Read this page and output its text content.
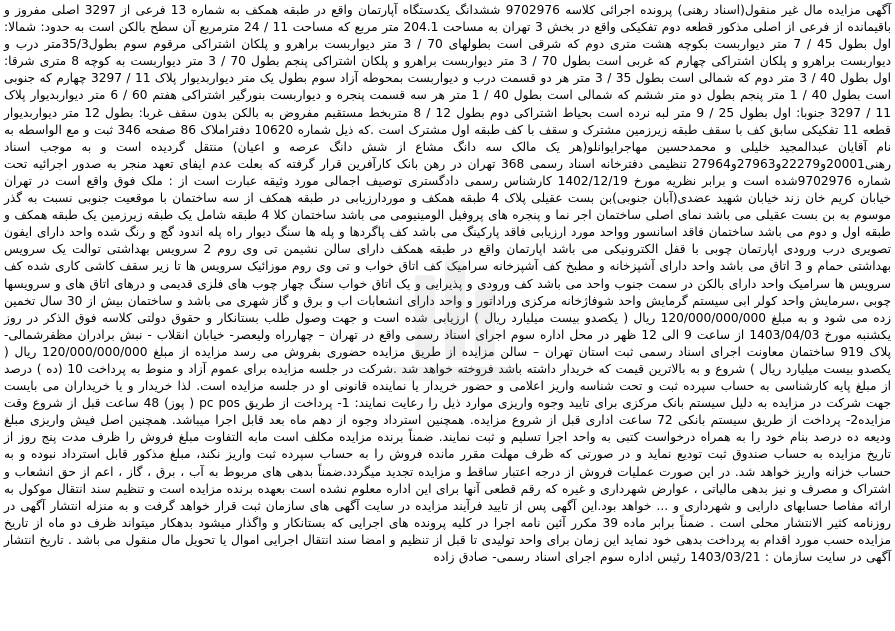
آگهی مزایده مال غیر منقول(اسناد رهنی) پرونده اجرائی کلاسه 9702976 ششدانگ یکدستگاه آپارتمان واقع در طبقه همکف به شماره 13 فرعی از 3297 اصلی مفروز و باقیمانده از فرعی از اصلی مذکور قطعه دوم تفکیکی واقع در بخش 3 تهران به مساحت 204.1 متر مربع که مساحت 11 / 24 مترمربع آن سطح بالکن است به حدود: شمالا: اول بطول 45 / 7 متر دیواربست بکوچه هشت متری دوم که شرقی است بطولهای 70 / 3 متر دیواربست براهرو و پلکان اشتراکی مرقوم سوم بطول35/3متر درب و دیواربست براهرو و پلکان اشتراکی چهارم که غربی است بطول 70 / 3 متر دیواربست براهرو و پلکان اشتراکی پنجم بطول 70 / 3 متر دیواربست به کوچه 8 متری شرقا: اول بطول 40 / 3 متر دوم که شمالی است بطول 35 / 3 متر هر دو قسمت درب و دیواربست بمحوطه آزاد سوم بطول یک متر دیواربدیوار پلاک 11 / 3297 چهارم که جنوبی است بطول 40 / 1 متر پنجم بطول دو متر ششم که شمالی است بطول 40 / 1 متر هر سه قسمت پنجره و دیواربست بنورگیر اشتراکی هفتم 60 / 6 متر دیواربدیوار پلاک 11 / 3297 جنوبا: اول بطول 25 / 9 متر لبه نرده است بحیاط اشتراکی دوم بطول 12 / 8 متربخط مستقیم مفروض به بالکن بدون سقف غربا: بطول 12 متر دیواربدیوار قطعه 11 تفکیکی سابق کف با سقف طبقه زیرزمین مشترک و سقف با کف طبقه اول مشترک است .که ذیل شماره 10620 دفتراملاک 86 صفحه 346 ثبت و مع الواسطه به نام آقایان عبدالمجید خلیلی و محمدحسین مهاجرایوانلو(هر یک مالک سه دانگ مشاع از شش دانگ عرصه و اعیان) منتقل گردیده است و به موجب اسناد رهنی20001و22279و27963و27964 تنظیمی دفترخانه اسناد رسمی 368 تهران در رهن بانک کارآفرین قرار گرفته که بعلت عدم ایفای تعهد منجر به صدور اجرائیه تحت شماره 9702976شده است و برابر نظریه مورخ 1402/12/19 کارشناس رسمی دادگستری توصیف اجمالی مورد وثیقه عبارت است از : ملک فوق واقع است در تهران خیابان کریم خان زند خیابان شهید عضدی(آبان جنوبی)بن بست عقیلی پلاک 4 طبقه همکف و موردارزیابی در طبقه همکف از سه ساختمان با موقعیت جنوبی نسبت به گذر موسوم به بن بست عقیلی می باشد نمای اصلی ساختمان اجر نما و پنجره های پروفیل الومینیومی می باشد ساختمان کلا 4 طبقه شامل یک طبقه زیرزمین یک طبقه همکف و طبقه اول و دوم می باشد ساختمان فاقد اسانسور وواحد مورد ارزیابی فاقد پارکینگ می باشد کف پاگردها و پله ها سنگ دیوار راه پله اندود گچ و رنگ شده واحد دارای ایفون تصویری درب ورودی اپارتمان چوبی با قفل الکترونیکی می باشد اپارتمان واقع در طبقه همکف دارای سالن نشیمن تی وی روم 2 سرویس بهداشتی توالت یک سرویس بهداشتی حمام و 3 اتاق می باشد واحد دارای آشپزخانه و مطبخ کف آشپزخانه سرامیک کف اتاق خواب و تی وی روم موزائیک سرویس ها تا زیر سقف کاشی کاری شده کف سرویس ها سرامیک واحد دارای بالکن در سمت جنوب واحد می باشد کف ورودی و پذیرایی و یک اتاق خواب سنگ چهار چوب های فلزی قدیمی و درهای اتاق های و سرویسها چوبی ،سرمایش واحد کولر ابی سیستم گرمایش واحد شوفاژخانه مرکزی وراداتور و واحد دارای انشعابات اب و برق و گاز شهری می باشد و ساختمان بیش از 30 سال تخمین زده می شود و به مبلغ 120/000/000/000 ریال ( یکصدو بیست میلیارد ریال ) ارزیابی شده است و جهت وصول طلب بستانکار و حقوق دولتی کلاسه فوق الذکر در روز یکشنبه مورخ 1403/04/03 از ساعت 9 الی 12 ظهر در محل اداره سوم اجرای اسناد رسمی واقع در تهران – چهارراه ولیعصر- خیابان انقلاب - نبش برادران مظفرشمالی- پلاک 919 ساختمان معاونت اجرای اسناد رسمی ثبت استان تهران – سالن مزایده از طریق مزایده حضوری بفروش می رسد مزایده از مبلغ 120/000/000/000 ریال ( یکصدو بیست میلیارد ریال ) شروع و به بالاترین قیمت که خریدار داشته باشد فروخته خواهد شد .شرکت در جلسه مزایده برای عموم آزاد و منوط به پرداخت 10 (ده ) درصد از مبلغ پایه کارشناسی به حساب سپرده ثبت و تحت شناسه واریز اعلامی و حضور خریدار یا نماینده قانونی او در جلسه مزایده است. لذا خریدار و یا خریداران می بایست جهت شرکت در مزایده به دلیل سیستم بانک مرکزی برای تایید وجوه واریزی موارد ذیل را رعایت نمایند: 1- پرداخت از طریق pc pos ( پوز) 48 ساعت قبل از شروع وقت مزایده2- پرداخت از طریق سیستم بانکی 72 ساعت اداری قبل از شروع مزایده. همچنین استرداد وجوه از دهم ماه بعد قابل اجرا میباشد. همچنین اصل فیش واریزی مبلغ ودیعه ده درصد بنام خود را به همراه درخواست کتبی به واحد اجرا تسلیم و ثبت نمایند. ضمناً برنده مزایده مکلف است مابه التفاوت مبلغ فروش را ظرف مدت پنج روز از تاریخ مزایده به حساب صندوق ثبت تودیع نماید و در صورتی که ظرف مهلت مقرر مانده فروش را به حساب سپرده ثبت واریز نکند، مبلغ مذکور قابل استرداد نبوده و به حساب خزانه واریز خواهد شد. در این صورت عملیات فروش از درجه اعتبار ساقط و مزایده تجدید میگردد.ضمناً بدهی های مربوط به آب ، برق ، گاز ، اعم از حق انشعاب و اشتراک و مصرف و نیز بدهی مالیاتی ، عوارض شهرداری و غیره که رقم قطعی آنها برای این اداره معلوم نشده است بعهده برنده مزایده است و تنظیم سند انتقال موکول به ارائه مفاصا حسابهای دارایی و شهرداری و ... خواهد بود.این آگهی پس از تایید فرآیند مزایده در سایت آگهی های سازمان ثبت قرار خواهد گرفت و به منزله انتشار آگهی در روزنامه کثیر الانتشار محلی است . ضمناً برابر ماده 39 مکرر آئین نامه اجرا در کلیه پرونده های اجرایی که بستانکار و واگذار میشود بدهکار میتواند ظرف دو ماه از تاریخ مزایده حسب مورد اقدام به پرداخت بدهی خود نماید این زمان برای واحد تولیدی تا قبل از تنظیم و امضا سند انتقال اجرایی اموال یا تحویل مال منقول می باشد . تاریخ انتشار آگهی در سایت سازمان : 1403/03/21 رئیس اداره سوم اجرای اسناد رسمی- صادق زاده
